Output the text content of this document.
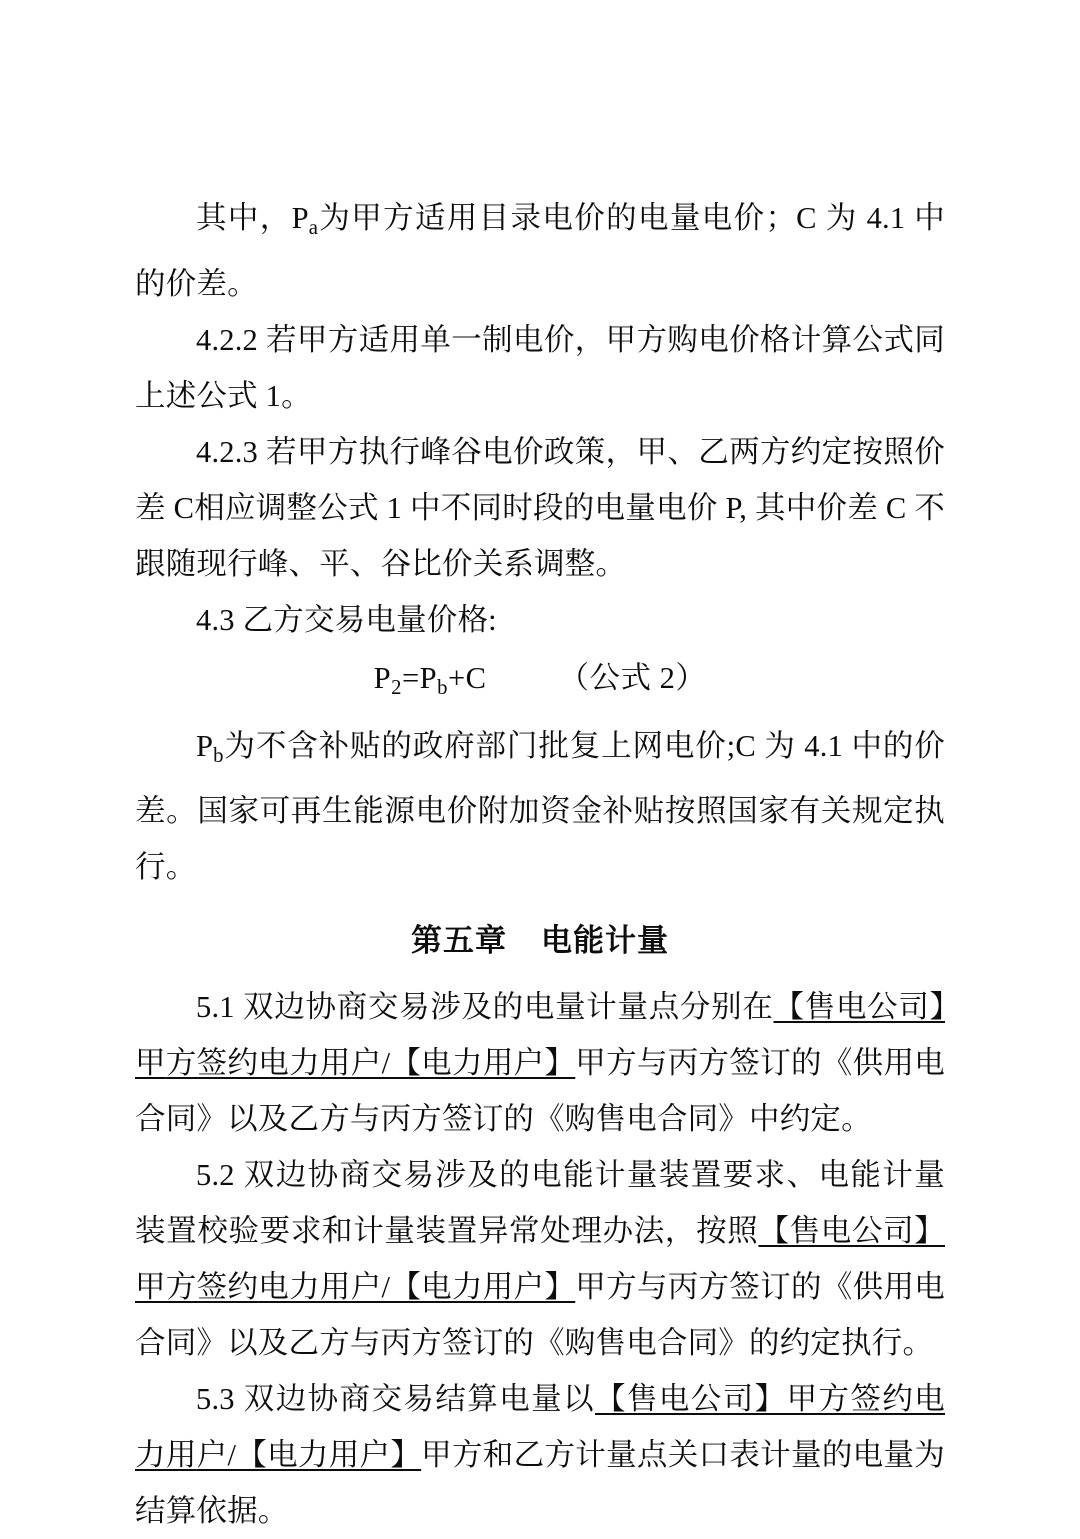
其中，$P_a$为甲方适用目录电价的电量电价；C 为 4.1 中的价差。

4.2.2 若甲方适用单一制电价，甲方购电价格计算公式同上述公式 1。

4.2.3 若甲方执行峰谷电价政策，甲、乙两方约定按照价差 C相应调整公式 1 中不同时段的电量电价 P, 其中价差 C 不跟随现行峰、平、谷比价关系调整。

4.3 乙方交易电量价格:

$P_2=P_b+C$ （公式 2）

$P_b$为不含补贴的政府部门批复上网电价;C 为 4.1 中的价差。国家可再生能源电价附加资金补贴按照国家有关规定执行。

第五章 电能计量

5.1 双边协商交易涉及的电量计量点分别在【售电公司】甲方签约电力用户/【电力用户】甲方与丙方签订的《供用电合同》以及乙方与丙方签订的《购售电合同》中约定。

5.2 双边协商交易涉及的电能计量装置要求、电能计量装置校验要求和计量装置异常处理办法，按照【售电公司】甲方签约电力用户/【电力用户】甲方与丙方签订的《供用电合同》以及乙方与丙方签订的《购售电合同》的约定执行。

5.3 双边协商交易结算电量以【售电公司】甲方签约电力用户/【电力用户】甲方和乙方计量点关口表计量的电量为结算依据。
